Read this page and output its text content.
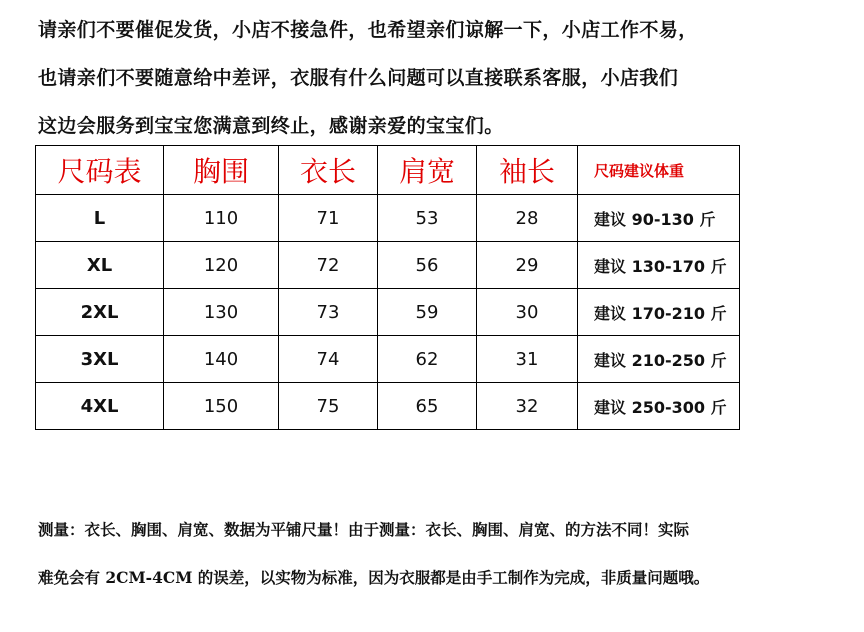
请亲们不要催促发货，小店不接急件，也希望亲们谅解一下，小店工作不易，
也请亲们不要随意给中差评，衣服有什么问题可以直接联系客服，小店我们
这边会服务到宝宝您满意到终止，感谢亲爱的宝宝们。
尺码表	胸围	衣长	肩宽	袖长	尺码建议体重
L	110	71	53	28	建议 90-130 斤
XL	120	72	56	29	建议 130-170 斤
2XL	130	73	59	30	建议 170-210 斤
3XL	140	74	62	31	建议 210-250 斤
4XL	150	75	65	32	建议 250-300 斤
测量：衣长、胸围、肩宽、数据为平铺尺量！由于测量：衣长、胸围、肩宽、的方法不同！实际
难免会有 2CM-4CM 的误差，以实物为标准，因为衣服都是由手工制作为完成，非质量问题哦。
